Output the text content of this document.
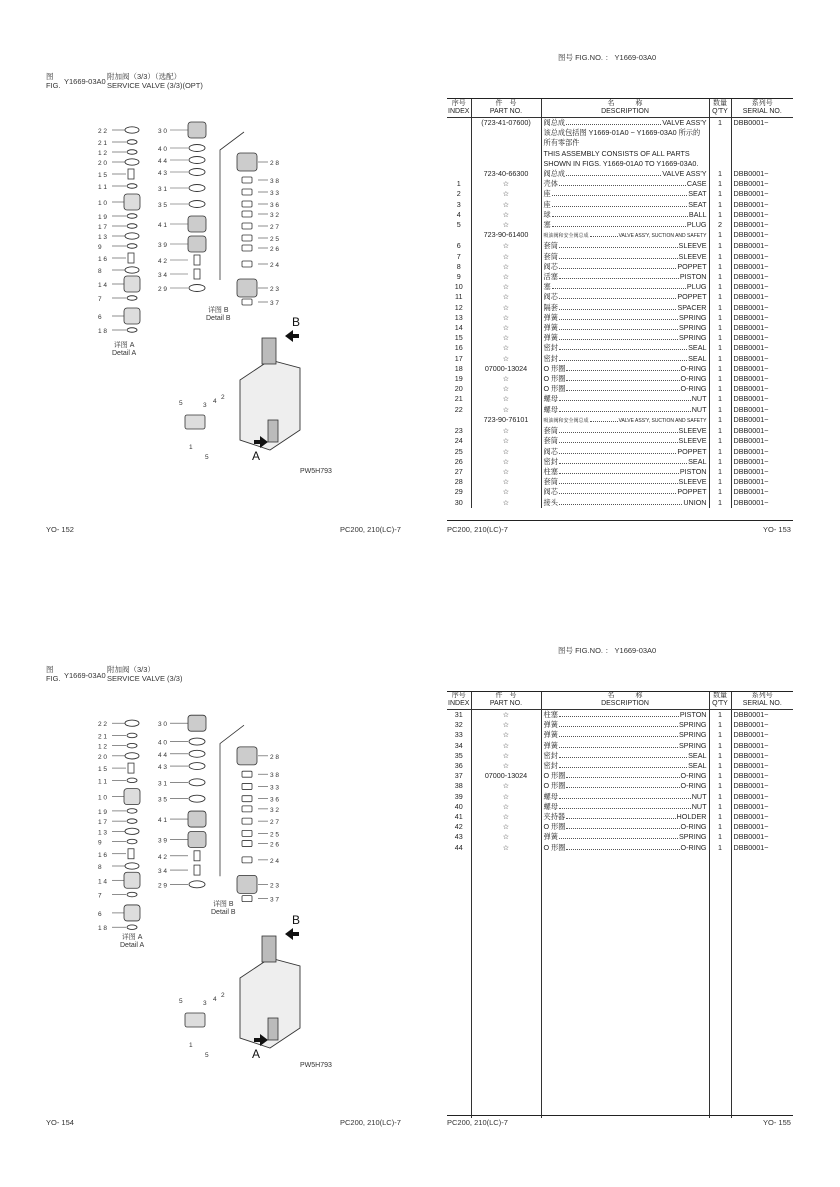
图
FIG. Y1669-03A0
附加阀（3/3）（选配）
SERVICE VALVE (3/3)(OPT)
2 2
2 1
1 2
2 0
1 5
1 1
1 0
1 9
1 7
1 3
9
1 6
8
1 4
7
6
1 8
3 0
4 0
4 4
4 3
3 1
3 5
4 1
3 9
4 2
3 4
2 9
2 8
3 8
3 3
3 6
3 2
2 7
2 5
2 6
2 4
2 3
3 7
B
A
1
2
3
4
5
5
详图 A
Detail A
详图 B
Detail B
PW5H793
YO- 152	PC200, 210(LC)-7
图号 FIG.NO. ： Y1669-03A0
序号
INDEX	件　号
PART NO.	名　　　称
DESCRIPTION	数量
Q'TY	系列号
SERIAL NO.
	(723-41-07600)	阀总成 VALVE ASS'Y	1	DBB0001~
		该总成包括图 Y1669-01A0 ~ Y1669-03A0 所示的		
		所有零部件		
		THIS ASSEMBLY CONSISTS OF ALL PARTS		
		SHOWN IN FIGS. Y1669-01A0 TO Y1669-03A0.		
	723-40-66300	阀总成 VALVE ASS'Y	1	DBB0001~
1	☆	壳体 CASE	1	DBB0001~
2	☆	座 SEAT	1	DBB0001~
3	☆	座 SEAT	1	DBB0001~
4	☆	球 BALL	1	DBB0001~
5	☆	塞 PLUG	2	DBB0001~
	723-90-61400	吸油阀和安全阀总成 VALVE ASS'Y, SUCTION AND SAFETY	1	DBB0001~
6	☆	套筒 SLEEVE	1	DBB0001~
7	☆	套筒 SLEEVE	1	DBB0001~
8	☆	阀芯 POPPET	1	DBB0001~
9	☆	活塞 PISTON	1	DBB0001~
10	☆	塞 PLUG	1	DBB0001~
11	☆	阀芯 POPPET	1	DBB0001~
12	☆	隔套 SPACER	1	DBB0001~
13	☆	弹簧 SPRING	1	DBB0001~
14	☆	弹簧 SPRING	1	DBB0001~
15	☆	弹簧 SPRING	1	DBB0001~
16	☆	密封 SEAL	1	DBB0001~
17	☆	密封 SEAL	1	DBB0001~
18	07000-13024	O 形圈 O-RING	1	DBB0001~
19	☆	O 形圈 O-RING	1	DBB0001~
20	☆	O 形圈 O-RING	1	DBB0001~
21	☆	螺母 NUT	1	DBB0001~
22	☆	螺母 NUT	1	DBB0001~
	723-90-76101	吸油阀和安全阀总成 VALVE ASS'Y, SUCTION AND SAFETY	1	DBB0001~
23	☆	套筒 SLEEVE	1	DBB0001~
24	☆	套筒 SLEEVE	1	DBB0001~
25	☆	阀芯 POPPET	1	DBB0001~
26	☆	密封 SEAL	1	DBB0001~
27	☆	柱塞 PISTON	1	DBB0001~
28	☆	套筒 SLEEVE	1	DBB0001~
29	☆	阀芯 POPPET	1	DBB0001~
30	☆	接头 UNION	1	DBB0001~
PC200, 210(LC)-7	YO- 153
图
FIG. Y1669-03A0
附加阀（3/3）
SERVICE VALVE (3/3)
2 2
2 1
1 2
2 0
1 5
1 1
1 0
1 9
1 7
1 3
9
1 6
8
1 4
7
6
1 8
3 0
4 0
4 4
4 3
3 1
3 5
4 1
3 9
4 2
3 4
2 9
2 8
3 8
3 3
3 6
3 2
2 7
2 5
2 6
2 4
2 3
3 7
B
A
1
2
3
4
5
5
详图 A
Detail A
详图 B
Detail B
PW5H793
YO- 154	PC200, 210(LC)-7
图号 FIG.NO. ： Y1669-03A0
序号
INDEX	件　号
PART NO.	名　　　称
DESCRIPTION	数量
Q'TY	系列号
SERIAL NO.
31	☆	柱塞 PISTON	1	DBB0001~
32	☆	弹簧 SPRING	1	DBB0001~
33	☆	弹簧 SPRING	1	DBB0001~
34	☆	弹簧 SPRING	1	DBB0001~
35	☆	密封 SEAL	1	DBB0001~
36	☆	密封 SEAL	1	DBB0001~
37	07000-13024	O 形圈 O-RING	1	DBB0001~
38	☆	O 形圈 O-RING	1	DBB0001~
39	☆	螺母 NUT	1	DBB0001~
40	☆	螺母 NUT	1	DBB0001~
41	☆	夹持器 HOLDER	1	DBB0001~
42	☆	O 形圈 O-RING	1	DBB0001~
43	☆	弹簧 SPRING	1	DBB0001~
44	☆	O 形圈 O-RING	1	DBB0001~

PC200, 210(LC)-7	YO- 155
